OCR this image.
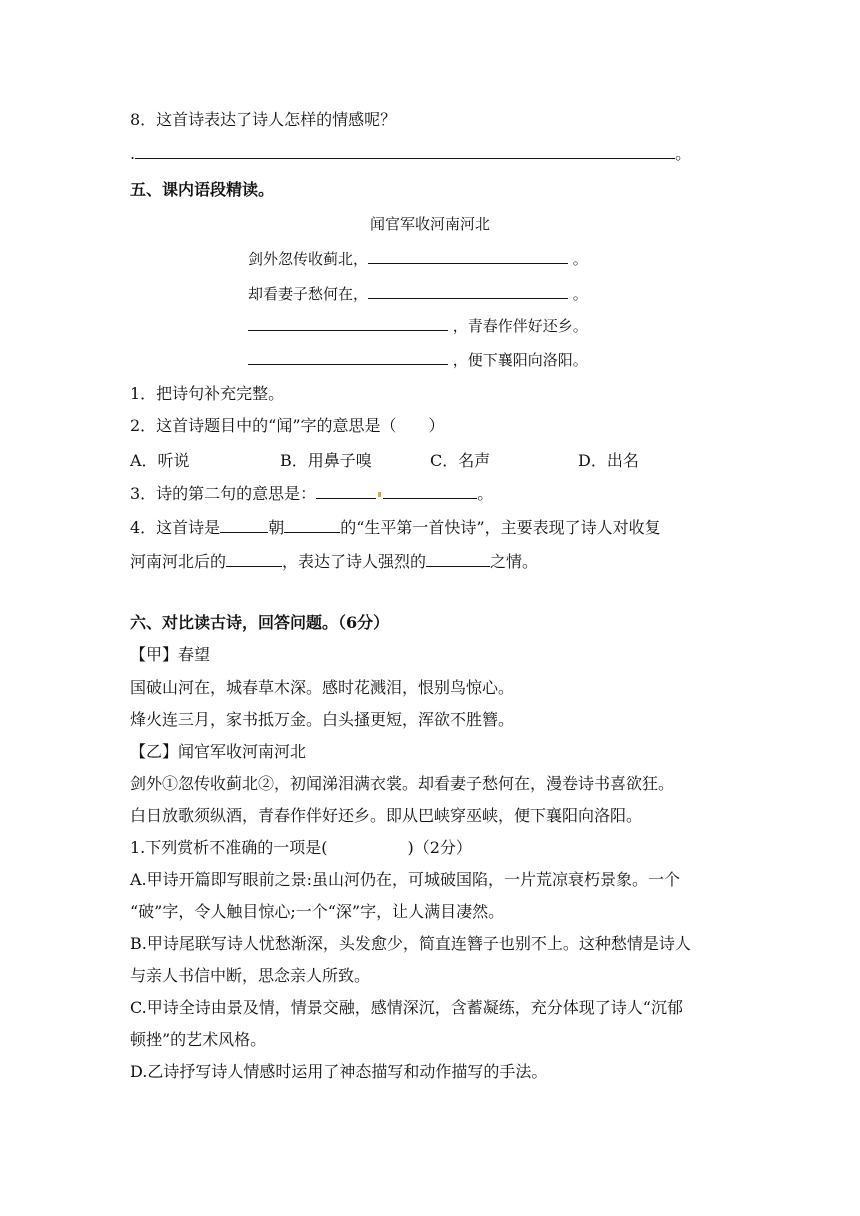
8．这首诗表达了诗人怎样的情感呢？
.	。
五、课内语段精读。
闻官军收河南河北
剑外忽传收蓟北，	。
却看妻子愁何在，	。
，青春作伴好还乡。
，便下襄阳向洛阳。
1．把诗句补充完整。
2．这首诗题目中的“闻”字的意思是（　　）
A．听说	B．用鼻子嗅	C．名声	D．出名
3．诗的第二句的意思是：	。
4．这首诗是	朝	的“生平第一首快诗”，主要表现了诗人对收复
河南河北后的	，表达了诗人强烈的	之情。
六、对比读古诗，回答问题。（6分）
【甲】春望
国破山河在，城春草木深。感时花溅泪，恨别鸟惊心。
烽火连三月，家书抵万金。白头搔更短，浑欲不胜簪。
【乙】闻官军收河南河北
剑外①忽传收蓟北②，初闻涕泪满衣裳。却看妻子愁何在，漫卷诗书喜欲狂。
白日放歌须纵酒，青春作伴好还乡。即从巴峡穿巫峡，便下襄阳向洛阳。
1.下列赏析不准确的一项是(　　　　　)（2分）
A.甲诗开篇即写眼前之景:虽山河仍在，可城破国陷，一片荒凉衰朽景象。一个
“破”字，令人触目惊心;一个“深”字，让人满目凄然。
B.甲诗尾联写诗人忧愁渐深，头发愈少，简直连簪子也别不上。这种愁情是诗人
与亲人书信中断，思念亲人所致。
C.甲诗全诗由景及情，情景交融，感情深沉，含蓄凝练，充分体现了诗人“沉郁
顿挫”的艺术风格。
D.乙诗抒写诗人情感时运用了神态描写和动作描写的手法。
